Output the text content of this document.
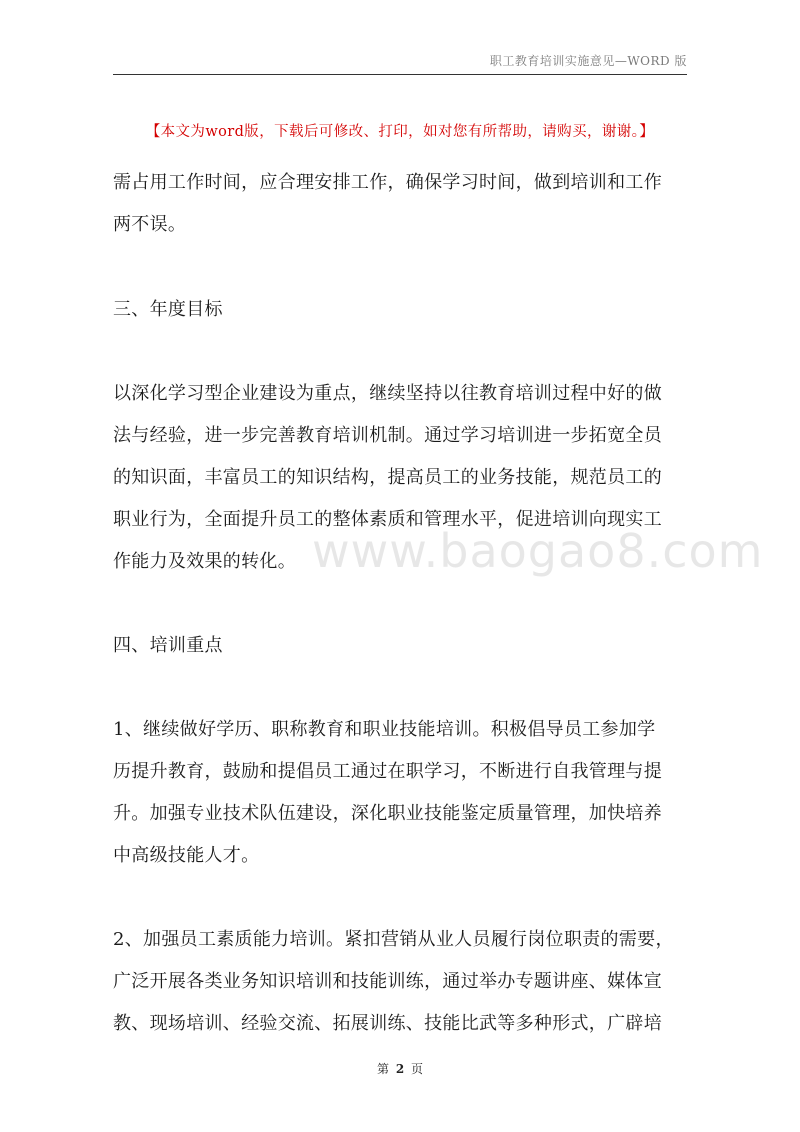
职工教育培训实施意见—WORD 版
【本文为word版，下载后可修改、打印，如对您有所帮助，请购买，谢谢。】
需占用工作时间，应合理安排工作，确保学习时间，做到培训和工作
两不误。
三、年度目标
以深化学习型企业建设为重点，继续坚持以往教育培训过程中好的做
法与经验，进一步完善教育培训机制。通过学习培训进一步拓宽全员
的知识面，丰富员工的知识结构，提高员工的业务技能，规范员工的
职业行为，全面提升员工的整体素质和管理水平，促进培训向现实工
作能力及效果的转化。
四、培训重点
1、继续做好学历、职称教育和职业技能培训。积极倡导员工参加学
历提升教育，鼓励和提倡员工通过在职学习，不断进行自我管理与提
升。加强专业技术队伍建设，深化职业技能鉴定质量管理，加快培养
中高级技能人才。
2、加强员工素质能力培训。紧扣营销从业人员履行岗位职责的需要，
广泛开展各类业务知识培训和技能训练，通过举办专题讲座、媒体宣
教、现场培训、经验交流、拓展训练、技能比武等多种形式，广辟培
www.baogao8.com
第 2 页
